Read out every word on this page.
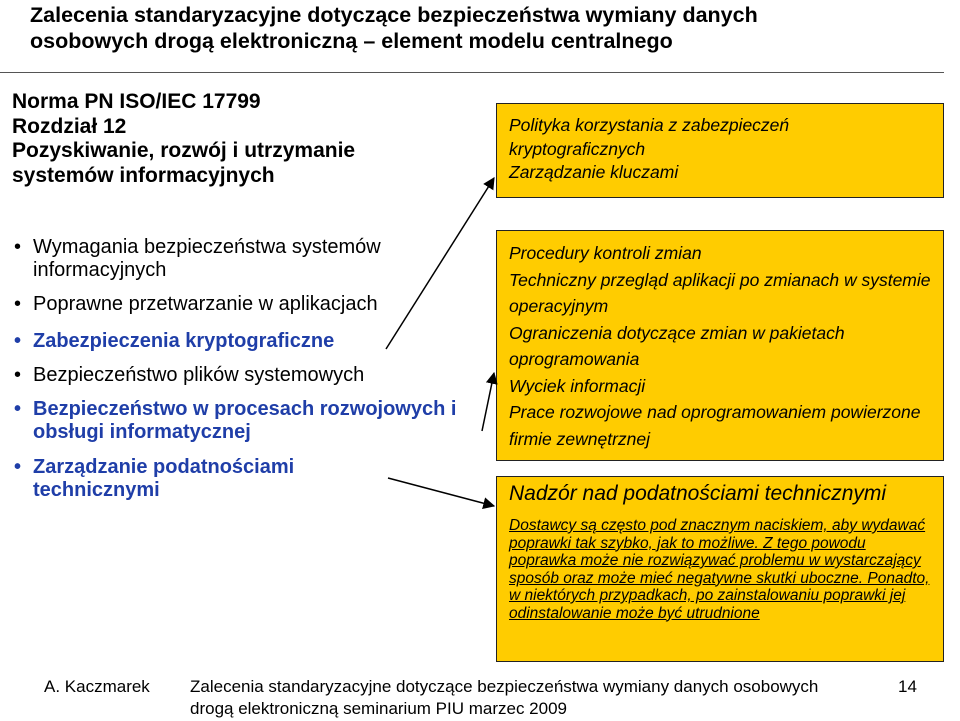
Zalecenia standaryzacyjne dotyczące bezpieczeństwa wymiany danych
osobowych drogą elektroniczną – element modelu centralnego
Norma PN ISO/IEC 17799
Rozdział 12
Pozyskiwanie, rozwój i utrzymanie
systemów informacyjnych
• Wymagania bezpieczeństwa systemów informacyjnych
• Poprawne przetwarzanie w aplikacjach
• Zabezpieczenia kryptograficzne
• Bezpieczeństwo plików systemowych
• Bezpieczeństwo w procesach rozwojowych i obsługi informatycznej
• Zarządzanie podatnościami technicznymi
Polityka korzystania z zabezpieczeń
kryptograficznych
Zarządzanie kluczami
Procedury kontroli zmian
Techniczny przegląd aplikacji po zmianach w systemie operacyjnym
Ograniczenia dotyczące zmian w pakietach oprogramowania
Wyciek informacji
Prace rozwojowe nad oprogramowaniem powierzone firmie zewnętrznej
Nadzór nad podatnościami technicznymi
Dostawcy są często pod znacznym naciskiem, aby wydawać poprawki tak szybko, jak to możliwe. Z tego powodu poprawka może nie rozwiązywać problemu w wystarczający sposób oraz może mieć negatywne skutki uboczne. Ponadto, w niektórych przypadkach, po zainstalowaniu poprawki jej odinstalowanie może być utrudnione
A. Kaczmarek Zalecenia standaryzacyjne dotyczące bezpieczeństwa wymiany danych osobowych drogą elektroniczną seminarium PIU marzec 2009
14
